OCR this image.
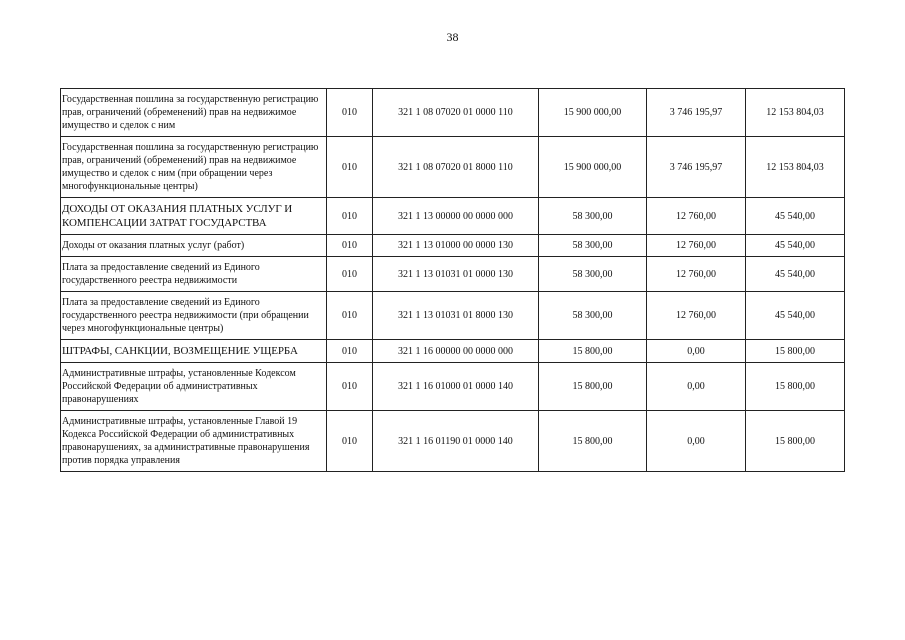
38
Государственная пошлина за государственную регистрацию прав, ограничений (обременений) прав на недвижимое имущество и сделок с ним	010	321 1 08 07020 01 0000 110	15 900 000,00	3 746 195,97	12 153 804,03
Государственная пошлина за государственную регистрацию прав, ограничений (обременений) прав на недвижимое имущество и сделок с ним (при обращении через многофункциональные центры)	010	321 1 08 07020 01 8000 110	15 900 000,00	3 746 195,97	12 153 804,03
ДОХОДЫ ОТ ОКАЗАНИЯ ПЛАТНЫХ УСЛУГ И КОМПЕНСАЦИИ ЗАТРАТ ГОСУДАРСТВА	010	321 1 13 00000 00 0000 000	58 300,00	12 760,00	45 540,00
Доходы от оказания платных услуг (работ)	010	321 1 13 01000 00 0000 130	58 300,00	12 760,00	45 540,00
Плата за предоставление сведений из Единого государственного реестра недвижимости	010	321 1 13 01031 01 0000 130	58 300,00	12 760,00	45 540,00
Плата за предоставление сведений из Единого государственного реестра недвижимости (при обращении через многофункциональные центры)	010	321 1 13 01031 01 8000 130	58 300,00	12 760,00	45 540,00
ШТРАФЫ, САНКЦИИ, ВОЗМЕЩЕНИЕ УЩЕРБА	010	321 1 16 00000 00 0000 000	15 800,00	0,00	15 800,00
Административные штрафы, установленные Кодексом Российской Федерации об административных правонарушениях	010	321 1 16 01000 01 0000 140	15 800,00	0,00	15 800,00
Административные штрафы, установленные Главой 19 Кодекса Российской Федерации об административных правонарушениях, за административные правонарушения против порядка управления	010	321 1 16 01190 01 0000 140	15 800,00	0,00	15 800,00
